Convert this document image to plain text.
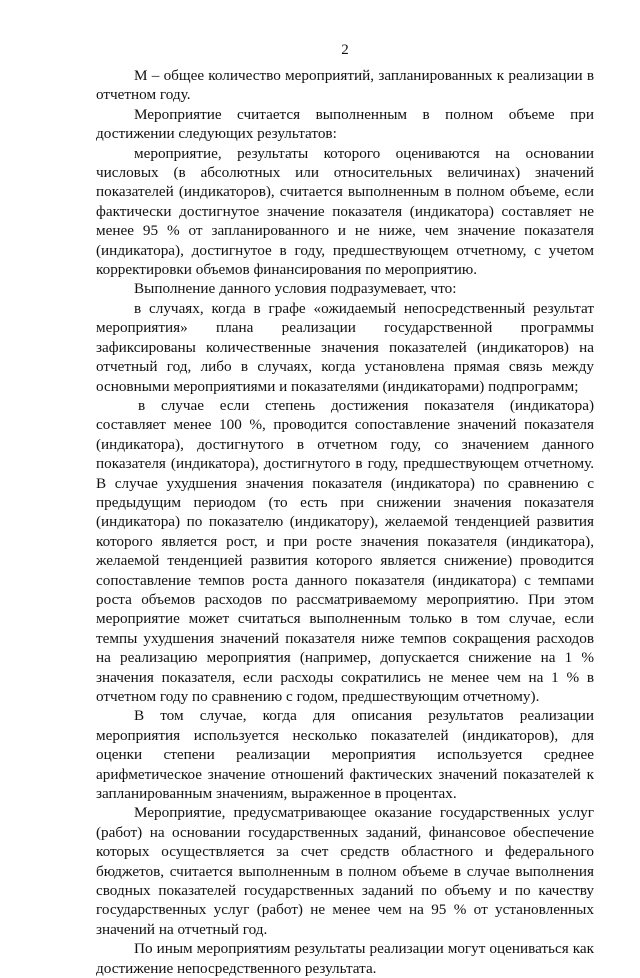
2

М – общее количество мероприятий, запланированных к реализации в отчетном году.

Мероприятие считается выполненным в полном объеме при достижении следующих результатов:

мероприятие, результаты которого оцениваются на основании числовых (в абсолютных или относительных величинах) значений показателей (индикаторов), считается выполненным в полном объеме, если фактически достигнутое значение показателя (индикатора) составляет не менее 95 % от запланированного и не ниже, чем значение показателя (индикатора), достигнутое в году, предшествующем отчетному, с учетом корректировки объемов финансирования по мероприятию.

Выполнение данного условия подразумевает, что:

в случаях, когда в графе «ожидаемый непосредственный результат мероприятия» плана реализации государственной программы зафиксированы количественные значения показателей (индикаторов) на отчетный год, либо в случаях, когда установлена прямая связь между основными мероприятиями и показателями (индикаторами) подпрограмм;

в случае если степень достижения показателя (индикатора) составляет менее 100 %, проводится сопоставление значений показателя (индикатора), достигнутого в отчетном году, со значением данного показателя (индикатора), достигнутого в году, предшествующем отчетному. В случае ухудшения значения показателя (индикатора) по сравнению с предыдущим периодом (то есть при снижении значения показателя (индикатора) по показателю (индикатору), желаемой тенденцией развития которого является рост, и при росте значения показателя (индикатора), желаемой тенденцией развития которого является снижение) проводится сопоставление темпов роста данного показателя (индикатора) с темпами роста объемов расходов по рассматриваемому мероприятию. При этом мероприятие может считаться выполненным только в том случае, если темпы ухудшения значений показателя ниже темпов сокращения расходов на реализацию мероприятия (например, допускается снижение на 1 % значения показателя, если расходы сократились не менее чем на 1 % в отчетном году по сравнению с годом, предшествующим отчетному).

В том случае, когда для описания результатов реализации мероприятия используется несколько показателей (индикаторов), для оценки степени реализации мероприятия используется среднее арифметическое значение отношений фактических значений показателей к запланированным значениям, выраженное в процентах.

Мероприятие, предусматривающее оказание государственных услуг (работ) на основании государственных заданий, финансовое обеспечение которых осуществляется за счет средств областного и федерального бюджетов, считается выполненным в полном объеме в случае выполнения сводных показателей государственных заданий по объему и по качеству государственных услуг (работ) не менее чем на 95 % от установленных значений на отчетный год.

По иным мероприятиям результаты реализации могут оцениваться как достижение непосредственного результата.
